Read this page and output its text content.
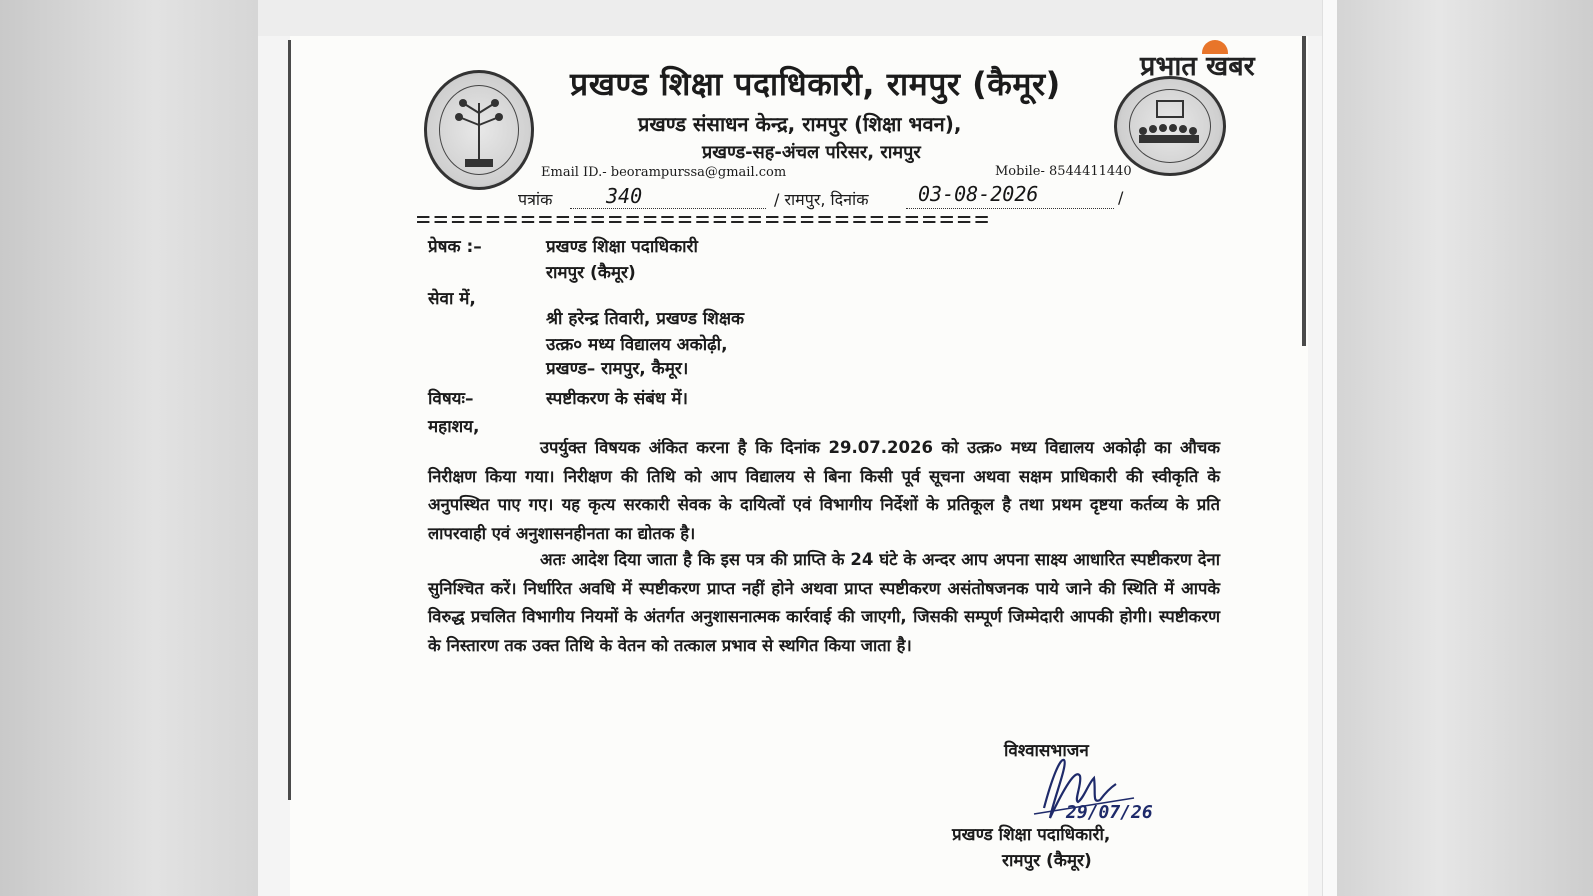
प्रभात खबर
प्रखण्ड शिक्षा पदाधिकारी, रामपुर (कैमूर)
प्रखण्ड संसाधन केन्द्र, रामपुर (शिक्षा भवन),
प्रखण्ड-सह-अंचल परिसर, रामपुर
Email ID.- beorampurssa@gmail.com	Mobile- 8544411440
पत्रांक	340	/ रामपुर, दिनांक 03-08-2026	/
=================================
प्रेषक :–	प्रखण्ड शिक्षा पदाधिकारी
रामपुर (कैमूर)
सेवा में,
श्री हरेन्द्र तिवारी, प्रखण्ड शिक्षक
उत्क्र० मध्य विद्यालय अकोढ़ी,
प्रखण्ड– रामपुर, कैमूर।
विषयः–	स्पष्टीकरण के संबंध में।
महाशय,
उपर्युक्त विषयक अंकित करना है कि दिनांक 29.07.2026 को उत्क्र० मध्य विद्यालय अकोढ़ी का औचक निरीक्षण किया गया। निरीक्षण की तिथि को आप विद्यालय से बिना किसी पूर्व सूचना अथवा सक्षम प्राधिकारी की स्वीकृति के अनुपस्थित पाए गए। यह कृत्य सरकारी सेवक के दायित्वों एवं विभागीय निर्देशों के प्रतिकूल है तथा प्रथम दृष्टया कर्तव्य के प्रति लापरवाही एवं अनुशासनहीनता का द्योतक है।
अतः आदेश दिया जाता है कि इस पत्र की प्राप्ति के 24 घंटे के अन्दर आप अपना साक्ष्य आधारित स्पष्टीकरण देना सुनिश्चित करें। निर्धारित अवधि में स्पष्टीकरण प्राप्त नहीं होने अथवा प्राप्त स्पष्टीकरण असंतोषजनक पाये जाने की स्थिति में आपके विरुद्ध प्रचलित विभागीय नियमों के अंतर्गत अनुशासनात्मक कार्रवाई की जाएगी, जिसकी सम्पूर्ण जिम्मेदारी आपकी होगी। स्पष्टीकरण के निस्तारण तक उक्त तिथि के वेतन को तत्काल प्रभाव से स्थगित किया जाता है।
विश्वासभाजन
29/07/26
प्रखण्ड शिक्षा पदाधिकारी,
रामपुर (कैमूर)
